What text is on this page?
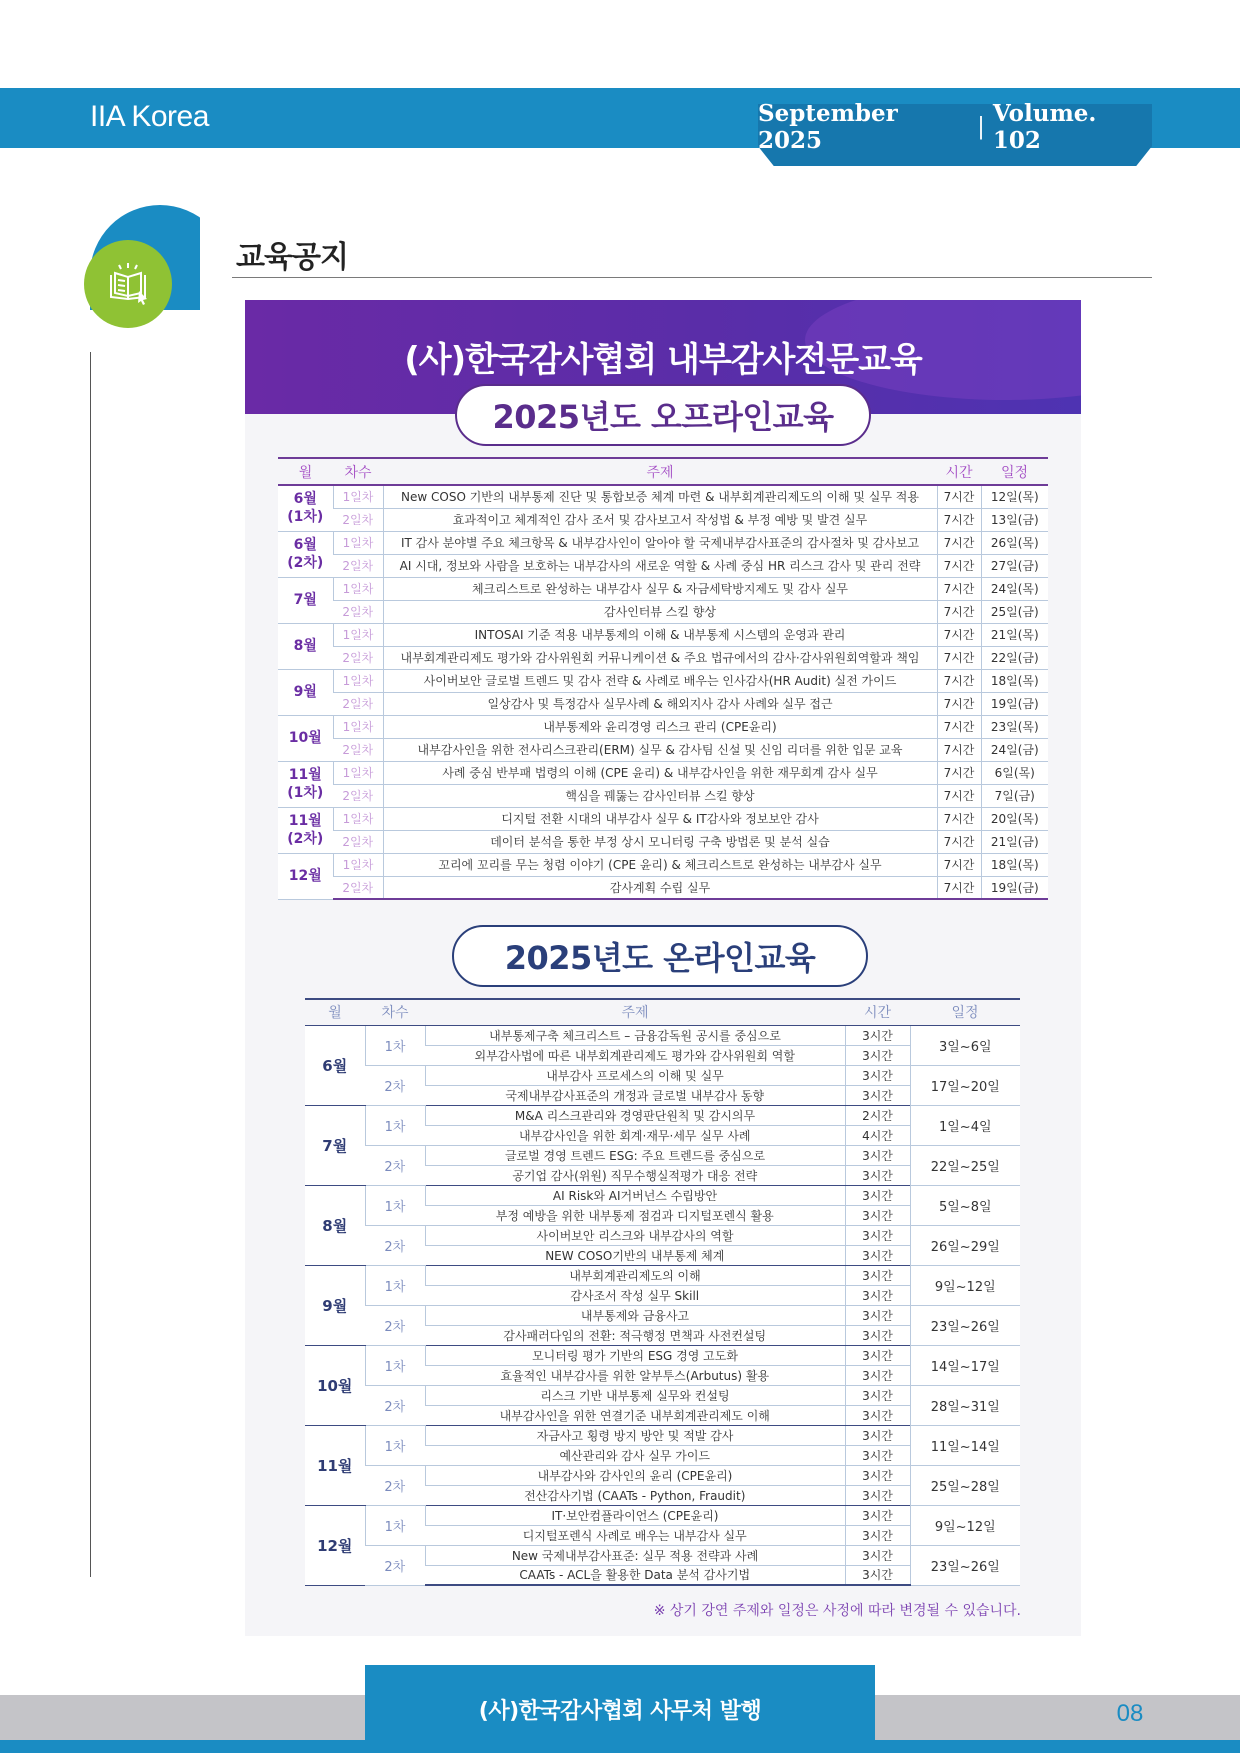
IIA Korea	September 2025	| Volume. 102
교육공지
(사)한국감사협회 내부감사전문교육
2025년도 오프라인교육
월	차수	주제	시간	일정
6월
(1차)	1일차	New COSO 기반의 내부통제 진단 및 통합보증 체계 마련 & 내부회계관리제도의 이해 및 실무 적용	7시간	12일(목)
	2일차	효과적이고 체계적인 감사 조서 및 감사보고서 작성법 & 부정 예방 및 발견 실무	7시간	13일(금)
6월
(2차)	1일차	IT 감사 분야별 주요 체크항목 & 내부감사인이 알아야 할 국제내부감사표준의 감사절차 및 감사보고	7시간	26일(목)
	2일차	AI 시대, 정보와 사람을 보호하는 내부감사의 새로운 역할 & 사례 중심 HR 리스크 감사 및 관리 전략	7시간	27일(금)
7월	1일차	체크리스트로 완성하는 내부감사 실무 & 자금세탁방지제도 및 감사 실무	7시간	24일(목)
	2일차	감사인터뷰 스킬 향상	7시간	25일(금)
8월	1일차	INTOSAI 기준 적용 내부통제의 이해 & 내부통제 시스템의 운영과 관리	7시간	21일(목)
	2일차	내부회계관리제도 평가와 감사위원회 커뮤니케이션 & 주요 법규에서의 감사·감사위원회역할과 책임	7시간	22일(금)
9월	1일차	사이버보안 글로벌 트렌드 및 감사 전략 & 사례로 배우는 인사감사(HR Audit) 실전 가이드	7시간	18일(목)
	2일차	일상감사 및 특정감사 실무사례 & 해외지사 감사 사례와 실무 접근	7시간	19일(금)
10월	1일차	내부통제와 윤리경영 리스크 관리 (CPE윤리)	7시간	23일(목)
	2일차	내부감사인을 위한 전사리스크관리(ERM) 실무 & 감사팀 신설 및 신임 리더를 위한 입문 교육	7시간	24일(금)
11월
(1차)	1일차	사례 중심 반부패 법령의 이해 (CPE 윤리) & 내부감사인을 위한 재무회계 감사 실무	7시간	6일(목)
	2일차	핵심을 꿰뚫는 감사인터뷰 스킬 향상	7시간	7일(금)
11월
(2차)	1일차	디지털 전환 시대의 내부감사 실무 & IT감사와 정보보안 감사	7시간	20일(목)
	2일차	데이터 분석을 통한 부정 상시 모니터링 구축 방법론 및 분석 실습	7시간	21일(금)
12월	1일차	꼬리에 꼬리를 무는 청렴 이야기 (CPE 윤리) & 체크리스트로 완성하는 내부감사 실무	7시간	18일(목)
	2일차	감사계획 수립 실무	7시간	19일(금)
2025년도 온라인교육
월	차수	주제	시간	일정
6월	1차	내부통제구축 체크리스트 – 금융감독원 공시를 중심으로	3시간	3일~6일
		외부감사법에 따른 내부회계관리제도 평가와 감사위원회 역할	3시간	
	2차	내부감사 프로세스의 이해 및 실무	3시간	17일~20일
		국제내부감사표준의 개정과 글로벌 내부감사 동향	3시간	
7월	1차	M&A 리스크관리와 경영판단원칙 및 감시의무	2시간	1일~4일
		내부감사인을 위한 회계·재무·세무 실무 사례	4시간	
	2차	글로벌 경영 트렌드 ESG: 주요 트렌드를 중심으로	3시간	22일~25일
		공기업 감사(위원) 직무수행실적평가 대응 전략	3시간	
8월	1차	AI Risk와 AI거버넌스 수립방안	3시간	5일~8일
		부정 예방을 위한 내부통제 점검과 디지털포렌식 활용	3시간	
	2차	사이버보안 리스크와 내부감사의 역할	3시간	26일~29일
		NEW COSO기반의 내부통제 체계	3시간	
9월	1차	내부회계관리제도의 이해	3시간	9일~12일
		감사조서 작성 실무 Skill	3시간	
	2차	내부통제와 금융사고	3시간	23일~26일
		감사패러다임의 전환: 적극행정 면책과 사전컨설팅	3시간	
10월	1차	모니터링 평가 기반의 ESG 경영 고도화	3시간	14일~17일
		효율적인 내부감사를 위한 알부투스(Arbutus) 활용	3시간	
	2차	리스크 기반 내부통제 실무와 컨설팅	3시간	28일~31일
		내부감사인을 위한 연결기준 내부회계관리제도 이해	3시간	
11월	1차	자금사고 횡령 방지 방안 및 적발 감사	3시간	11일~14일
		예산관리와 감사 실무 가이드	3시간	
	2차	내부감사와 감사인의 윤리 (CPE윤리)	3시간	25일~28일
		전산감사기법 (CAATs - Python, Fraudit)	3시간	
12월	1차	IT·보안컴플라이언스 (CPE윤리)	3시간	9일~12일
		디지털포렌식 사례로 배우는 내부감사 실무	3시간	
	2차	New 국제내부감사표준: 실무 적용 전략과 사례	3시간	23일~26일
		CAATs - ACL을 활용한 Data 분석 감사기법	3시간	
※ 상기 강연 주제와 일정은 사정에 따라 변경될 수 있습니다.
(사)한국감사협회 사무처 발행	08
